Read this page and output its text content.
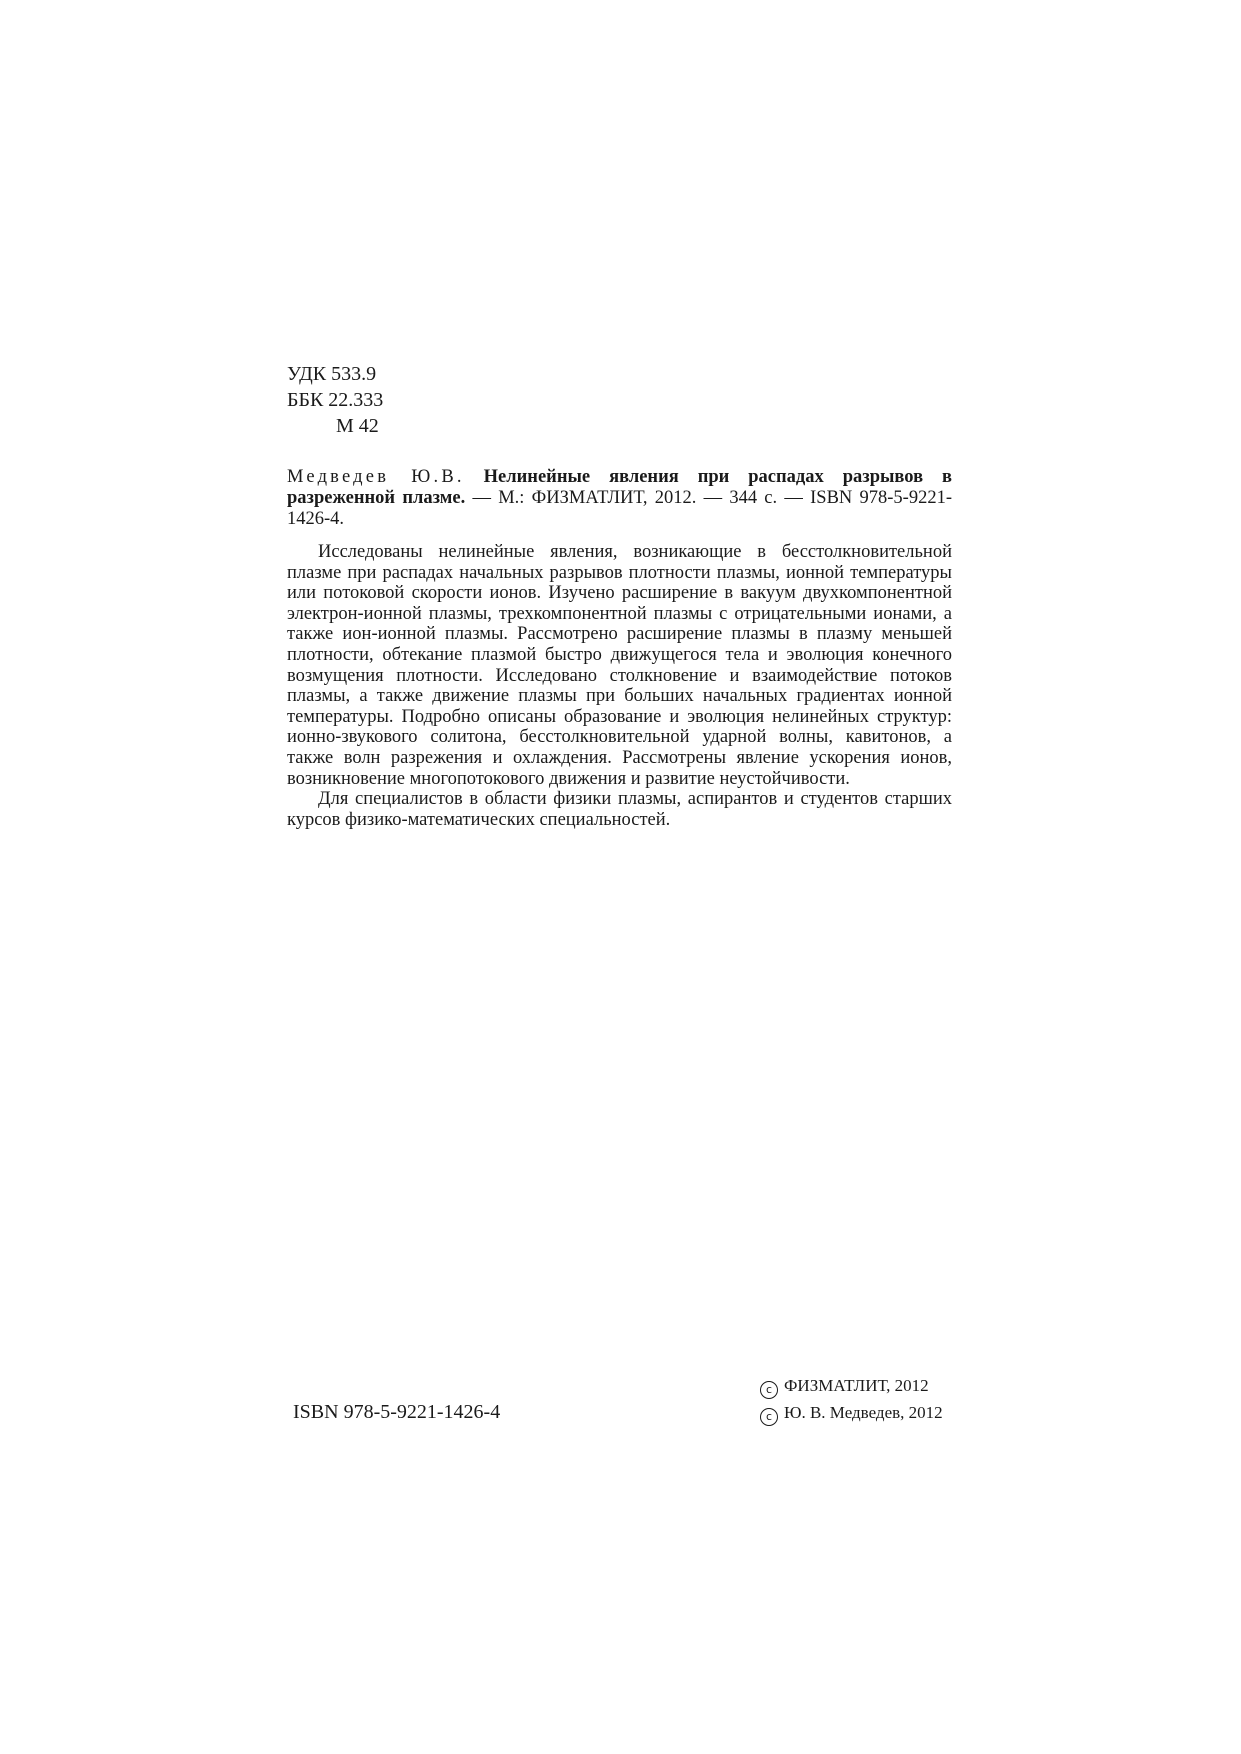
УДК 533.9
ББК 22.333
М 42

Медведев Ю.В. Нелинейные явления при распадах разрывов в разреженной плазме. — М.: ФИЗМАТЛИТ, 2012. — 344 с. — ISBN 978-5-9221-1426-4.

Исследованы нелинейные явления, возникающие в бесстолкновительной плазме при распадах начальных разрывов плотности плазмы, ионной температуры или потоковой скорости ионов. Изучено расширение в вакуум двухкомпонентной электрон-ионной плазмы, трехкомпонентной плазмы с отрицательными ионами, а также ион-ионной плазмы. Рассмотрено расширение плазмы в плазму меньшей плотности, обтекание плазмой быстро движущегося тела и эволюция конечного возмущения плотности. Исследовано столкновение и взаимодействие потоков плазмы, а также движение плазмы при больших начальных градиентах ионной температуры. Подробно описаны образование и эволюция нелинейных структур: ионно-звукового солитона, бесстолкновительной ударной волны, кавитонов, а также волн разрежения и охлаждения. Рассмотрены явление ускорения ионов, возникновение многопотокового движения и развитие неустойчивости.

Для специалистов в области физики плазмы, аспирантов и студентов старших курсов физико-математических специальностей.

ISBN 978-5-9221-1426-4
c ФИЗМАТЛИТ, 2012
c Ю. В. Медведев, 2012
